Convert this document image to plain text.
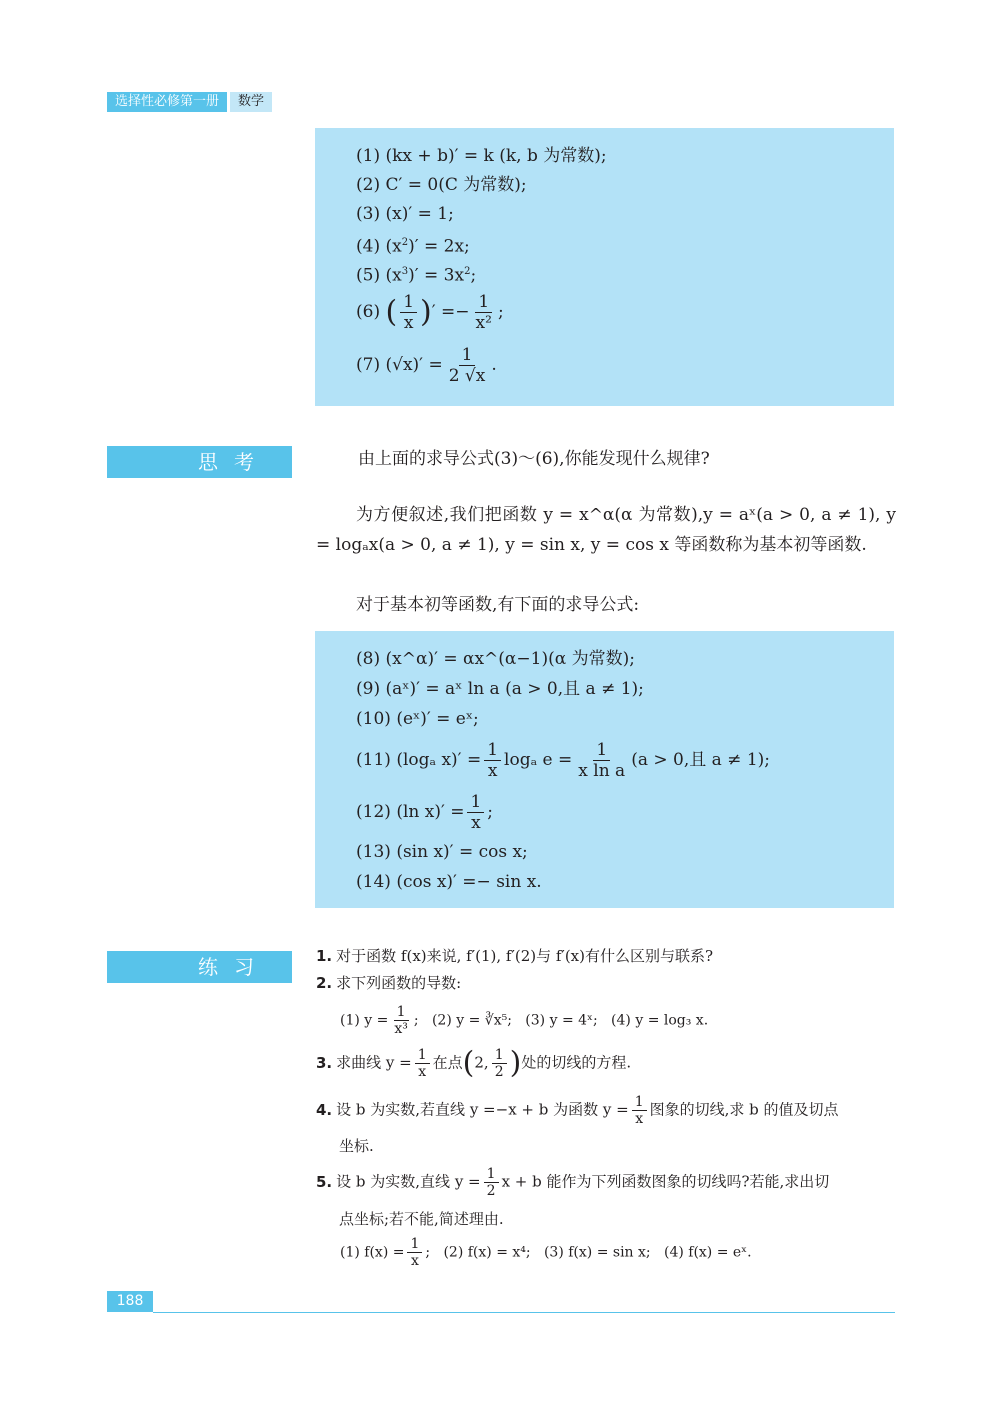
选择性必修第一册	数学
(1) (kx + b)′ = k (k, b 为常数);
(2) C′ = 0(C 为常数);
(3) (x)′ = 1;
(4) $(x^2)' = 2x$;
(5) $(x^3)' = 3x^2$;
(6) ( $\frac{1}{x}$ )′ =− $\frac{1}{\text{x²}}$ ;
(7) $(√x)' = \frac{1}{2 √x}$ .
思考	由上面的求导公式(3)～(6),你能发现什么规律?
为方便叙述,我们把函数 y = x^α(α 为常数),y = aˣ(a > 0, a ≠ 1), y = logₐx(a > 0, a ≠ 1), y = sin x, y = cos x 等函数称为基本初等函数.
对于基本初等函数,有下面的求导公式:
(8) (x^α)′ = αx^(α−1)(α 为常数);
(9) (aˣ)′ = aˣ ln a (a > 0,且 a ≠ 1);
(10) (eˣ)′ = eˣ;
(11) (logₐ $x)' = \frac{1}{x}$ logₐ $e = \frac{1}{\text{x ln a}} (a > 0$,且 a ≠ 1);
(12) (ln $x)' = \frac{1}{x}$ ;
(13) (sin x)′ = cos x;
(14) (cos x)′ =− sin x.
练习	1. 对于函数 f(x)来说, f′(1), f′(2)与 f′(x)有什么区别与联系?
2. 求下列函数的导数:
(1) $y = \frac{1}{\text{x³}}$ ; (2) y = ∛x⁵; (3) y = 4ˣ; (4) y = log₃ x.
3. 求曲线 $y = \frac{1}{x}$ 在点(2, $\frac{1}{2}$ )处的切线的方程.
4. 设 b 为实数,若直线 y =−x + b 为函数 $y = \frac{1}{x}$ 图象的切线,求 b 的值及切点
坐标.
5. 设 b 为实数,直线 $y = \frac{1}{2}$ x + b 能作为下列函数图象的切线吗?若能,求出切
点坐标;若不能,简述理由.
(1) $f(x) = \frac{1}{x}$ ; (2) f(x) = x⁴; (3) f(x) = sin x; (4) f(x) = eˣ.
188
